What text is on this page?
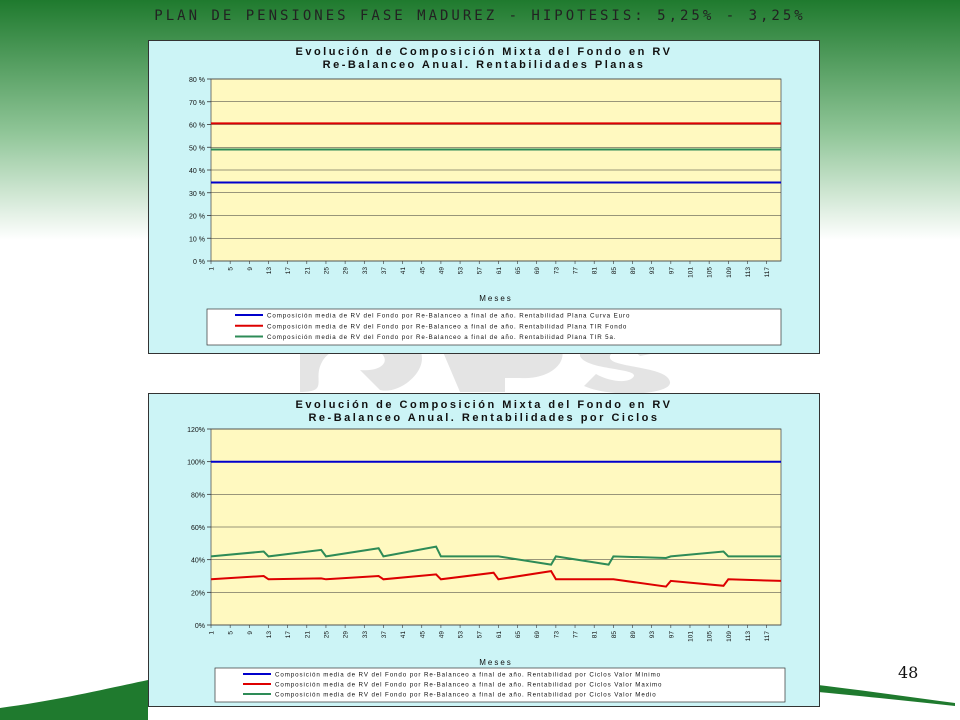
PLAN DE PENSIONES FASE MADUREZ - HIPOTESIS: 5,25% - 3,25%
Evolución de Composición Mixta del Fondo en RV
Re-Balanceo Anual. Rentabilidades Planas
0 %
10 %
20 %
30 %
40 %
50 %
60 %
70 %
80 %
1 5 9 13 17 21 25 29 33 37 41 45 49 53 57 61 65 69 73 77 81 85 89 93 97 101 105 109 113 117
Meses
Composición media de RV del Fondo por Re-Balanceo a final de año. Rentabilidad Plana Curva Euro
Composición media de RV del Fondo por Re-Balanceo a final de año. Rentabilidad Plana TIR Fondo
Composición media de RV del Fondo por Re-Balanceo a final de año. Rentabilidad Plana TIR 5a.
Evolución de Composición Mixta del Fondo en RV
Re-Balanceo Anual. Rentabilidades por Ciclos
0%
20%
40%
60%
80%
100%
120%
1 5 9 13 17 21 25 29 33 37 41 45 49 53 57 61 65 69 73 77 81 85 89 93 97 101 105 109 113 117
Meses
Composición media de RV del Fondo por Re-Balanceo a final de año. Rentabilidad por Ciclos Valor Mínimo
Composición media de RV del Fondo por Re-Balanceo a final de año. Rentabilidad por Ciclos Valor Maximo
Composición media de RV del Fondo por Re-Balanceo a final de año. Rentabilidad por Ciclos Valor Medio
48
